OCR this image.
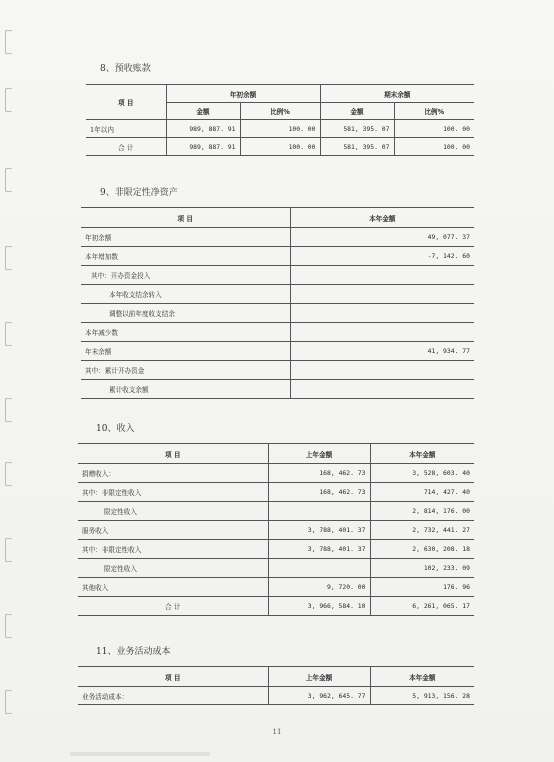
8、预收账款
项 目	年初余额		期末余额	
	金额	比例%	金额	比例%
1年以内	989, 887. 91	100. 00	581, 395. 07	100. 00
合 计	989, 887. 91	100. 00	581, 395. 07	100. 00
9、非限定性净资产
项 目	本年金额
年初余额	49, 077. 37
本年增加数	-7, 142. 60
其中：开办资金投入	
本年收支结余转入	
调整以前年度收支结余	
本年减少数	
年末余额	41, 934. 77
其中：累计开办资金	
累计收支余额	
10、收入
项 目	上年金额	本年金额
捐赠收入：	168, 462. 73	3, 528, 603. 40
其中：非限定性收入	168, 462. 73	714, 427. 40
限定性收入		2, 814, 176. 00
服务收入	3, 788, 401. 37	2, 732, 441. 27
其中：非限定性收入	3, 788, 401. 37	2, 630, 208. 18
限定性收入		102, 233. 09
其他收入	9, 720. 00	176. 96
合 计	3, 966, 584. 10	6, 261, 065. 17
11、业务活动成本
项 目	上年金额	本年金额
业务活动成本：	3, 962, 645. 77	5, 913, 156. 28
11
